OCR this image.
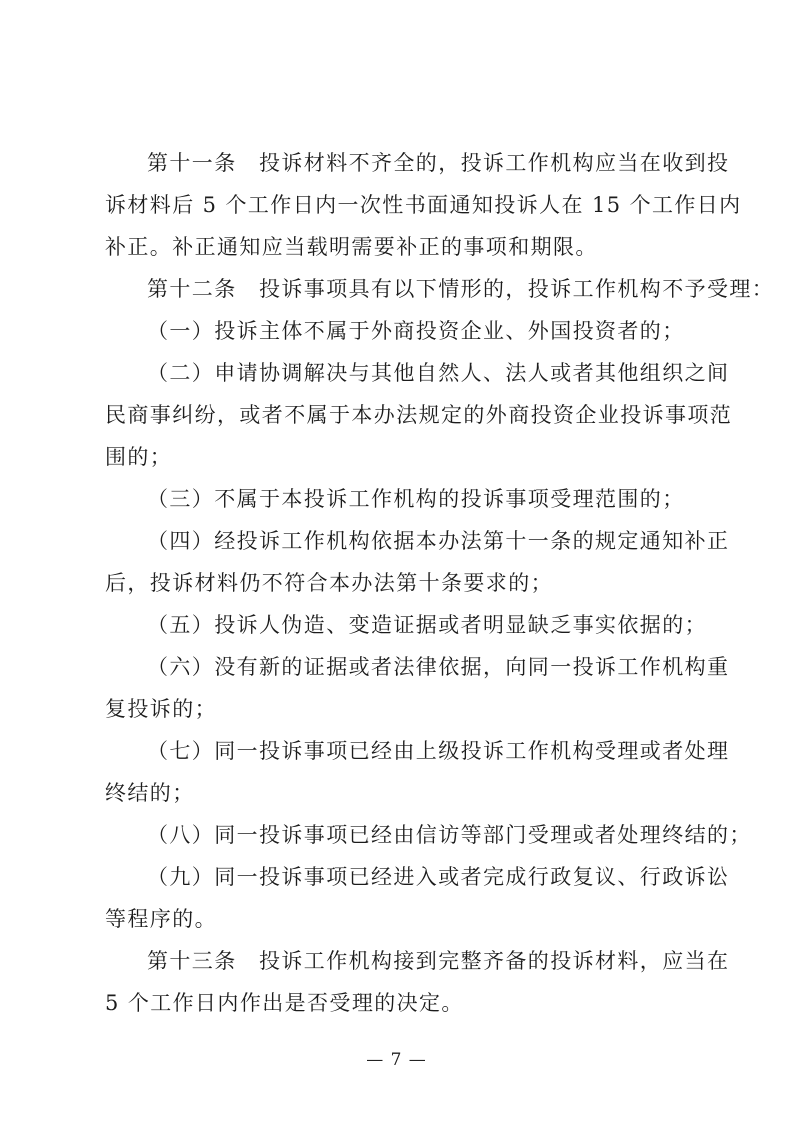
第十一条　投诉材料不齐全的，投诉工作机构应当在收到投
诉材料后 5 个工作日内一次性书面通知投诉人在 15 个工作日内
补正。补正通知应当载明需要补正的事项和期限。
第十二条　投诉事项具有以下情形的，投诉工作机构不予受理：
（一）投诉主体不属于外商投资企业、外国投资者的；
（二）申请协调解决与其他自然人、法人或者其他组织之间
民商事纠纷，或者不属于本办法规定的外商投资企业投诉事项范
围的；
（三）不属于本投诉工作机构的投诉事项受理范围的；
（四）经投诉工作机构依据本办法第十一条的规定通知补正
后，投诉材料仍不符合本办法第十条要求的；
（五）投诉人伪造、变造证据或者明显缺乏事实依据的；
（六）没有新的证据或者法律依据，向同一投诉工作机构重
复投诉的；
（七）同一投诉事项已经由上级投诉工作机构受理或者处理
终结的；
（八）同一投诉事项已经由信访等部门受理或者处理终结的；
（九）同一投诉事项已经进入或者完成行政复议、行政诉讼
等程序的。
第十三条　投诉工作机构接到完整齐备的投诉材料，应当在
5 个工作日内作出是否受理的决定。
— 7 —
